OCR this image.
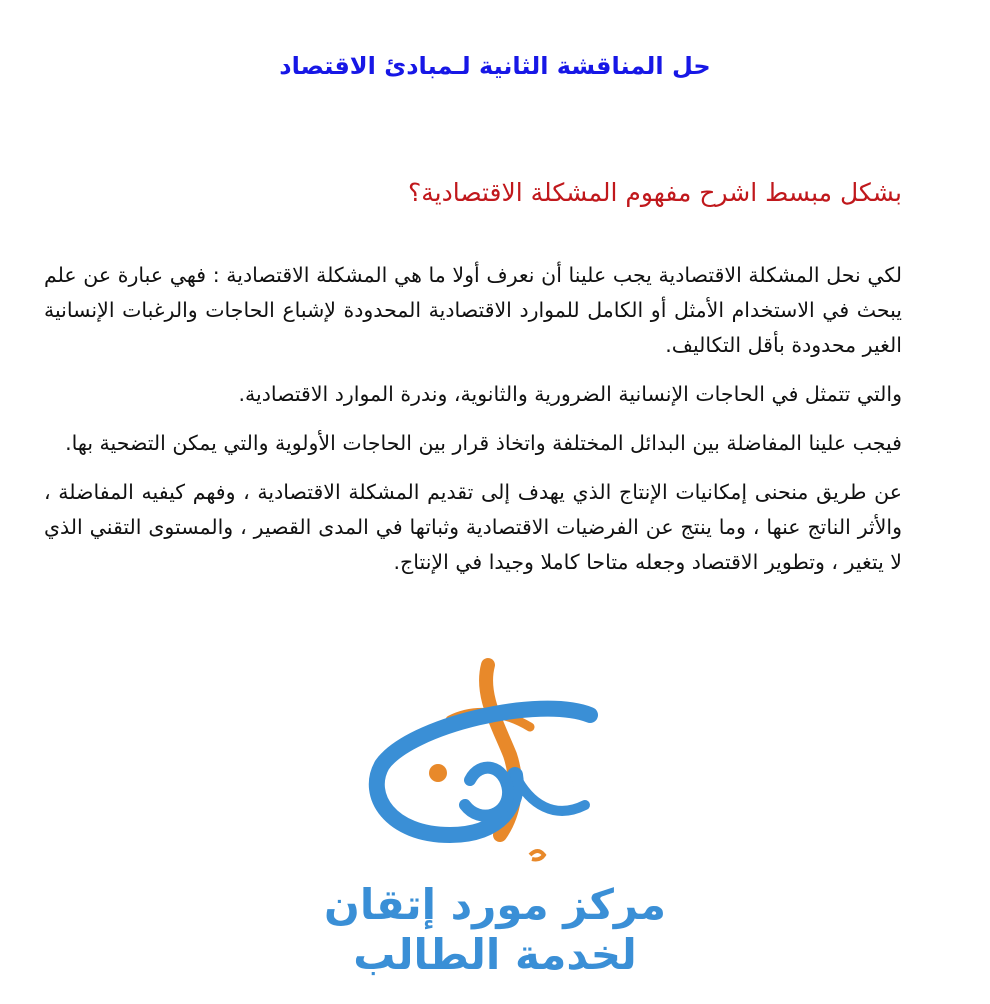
حل المناقشة الثانية لـمبادئ الاقتصاد
بشكل مبسط اشرح مفهوم المشكلة الاقتصادية؟

لكي نحل المشكلة الاقتصادية يجب علينا أن نعرف أولا ما هي المشكلة الاقتصادية : فهي عبارة عن علم يبحث في الاستخدام الأمثل أو الكامل للموارد الاقتصادية المحدودة لإشباع الحاجات والرغبات الإنسانية الغير محدودة بأقل التكاليف.

والتي تتمثل في الحاجات الإنسانية الضرورية والثانوية، وندرة الموارد الاقتصادية.

فيجب علينا المفاضلة بين البدائل المختلفة واتخاذ قرار بين الحاجات الأولوية والتي يمكن التضحية بها.

عن طريق منحنى إمكانيات الإنتاج الذي يهدف إلى تقديم المشكلة الاقتصادية ، وفهم كيفيه المفاضلة ، والأثر الناتج عنها ، وما ينتج عن الفرضيات الاقتصادية وثباتها في المدى القصير ، والمستوى التقني الذي لا يتغير ، وتطوير الاقتصاد وجعله متاحا كاملا وجيدا في الإنتاج.

مركز مورد إتقان
لخدمة الطالب
